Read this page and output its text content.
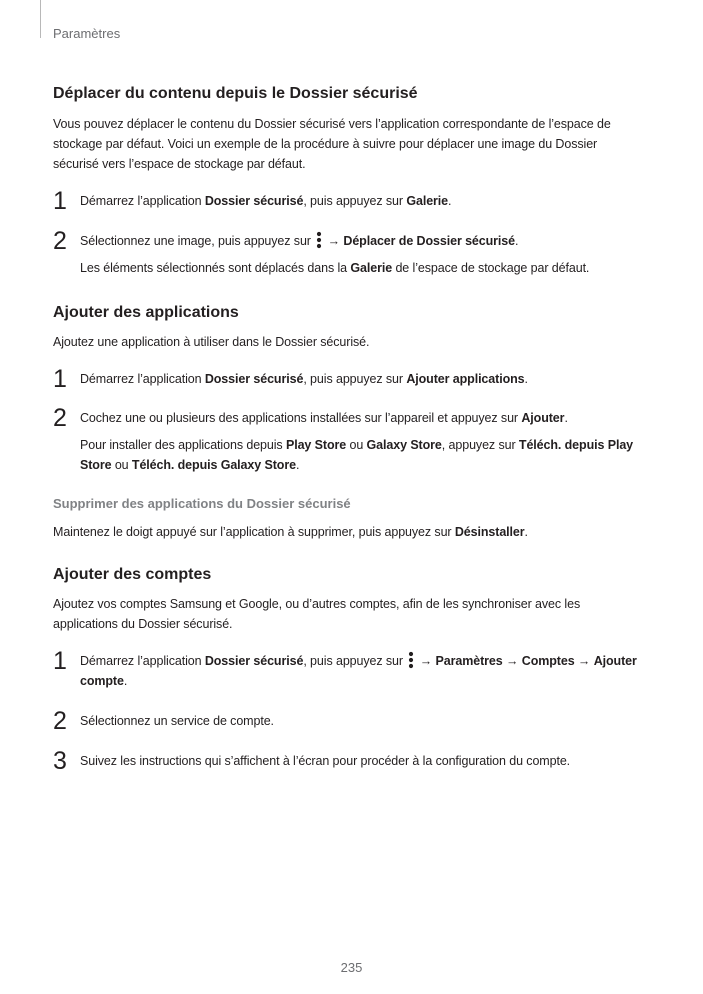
Paramètres
Déplacer du contenu depuis le Dossier sécurisé

Vous pouvez déplacer le contenu du Dossier sécurisé vers l’application correspondante de l’espace de stockage par défaut. Voici un exemple de la procédure à suivre pour déplacer une image du Dossier sécurisé vers l’espace de stockage par défaut.

1 Démarrez l’application Dossier sécurisé, puis appuyez sur Galerie.
2 Sélectionnez une image, puis appuyez sur  → Déplacer de Dossier sécurisé.
Les éléments sélectionnés sont déplacés dans la Galerie de l’espace de stockage par défaut.
Ajouter des applications

Ajoutez une application à utiliser dans le Dossier sécurisé.

1 Démarrez l’application Dossier sécurisé, puis appuyez sur Ajouter applications.
2 Cochez une ou plusieurs des applications installées sur l’appareil et appuyez sur Ajouter.
Pour installer des applications depuis Play Store ou Galaxy Store, appuyez sur Téléch. depuis Play Store ou Téléch. depuis Galaxy Store.
Supprimer des applications du Dossier sécurisé

Maintenez le doigt appuyé sur l’application à supprimer, puis appuyez sur Désinstaller.

Ajouter des comptes

Ajoutez vos comptes Samsung et Google, ou d’autres comptes, afin de les synchroniser avec les applications du Dossier sécurisé.

1 Démarrez l’application Dossier sécurisé, puis appuyez sur  → Paramètres → Comptes → Ajouter compte.
2 Sélectionnez un service de compte.
3 Suivez les instructions qui s’affichent à l’écran pour procéder à la configuration du compte.
235
